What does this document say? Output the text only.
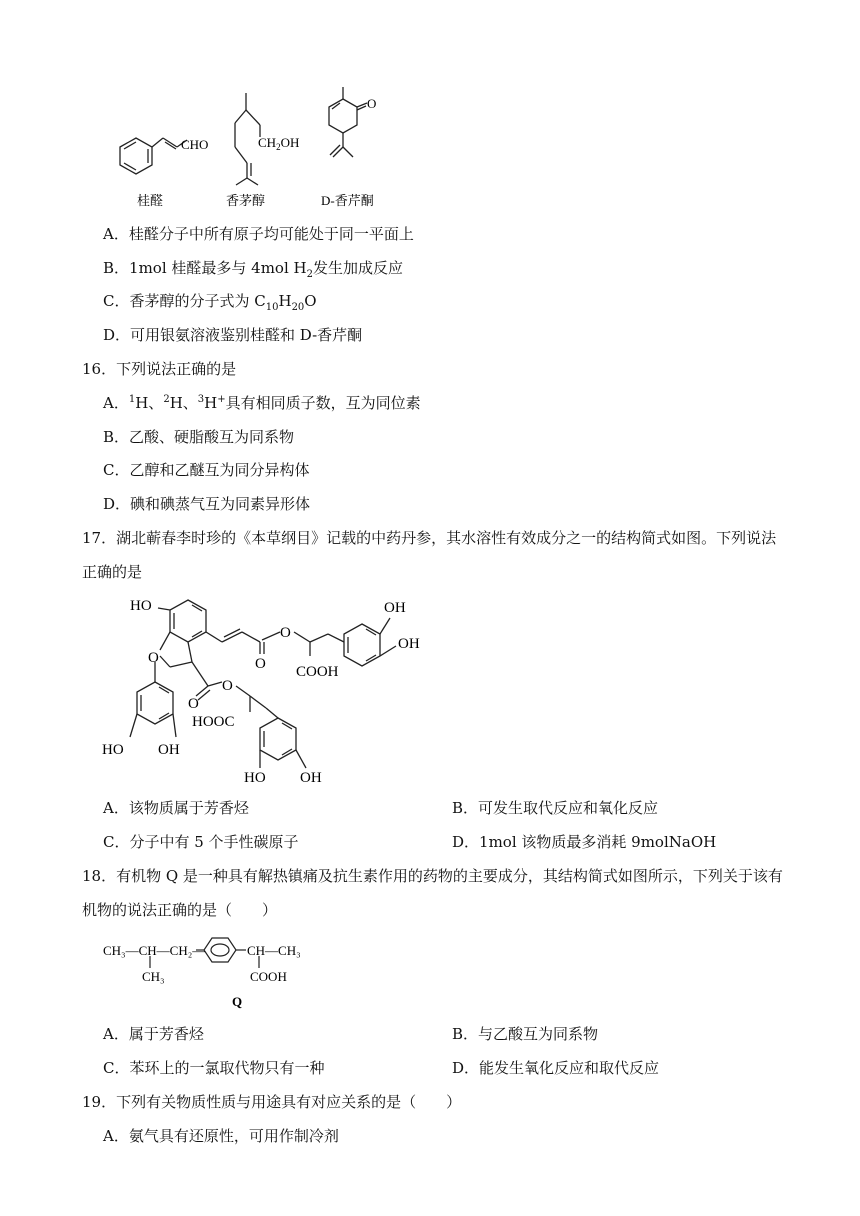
CHO	$CH_2OH$
O
桂醛	香茅醇	D-香芹酮
A．桂醛分子中所有原子均可能处于同一平面上
B．1mol 桂醛最多与 4mol $H_2$发生加成反应
C．香茅醇的分子式为 $C_{10}H_{20}O$
D．可用银氨溶液鉴别桂醛和 D-香芹酮
16．下列说法正确的是
A．$^1$H、$^2$H、$^3$H+具有相同质子数，互为同位素
B．乙酸、硬脂酸互为同系物
C．乙醇和乙醚互为同分异构体
D．碘和碘蒸气互为同素异形体
17．湖北蕲春李时珍的《本草纲目》记载的中药丹参，其水溶性有效成分之一的结构简式如图。下列说法
正确的是
HO
O
O
O COOH
OH
OH
O
O
HOOC
HO OH
HO OH
A．该物质属于芳香烃	B．可发生取代反应和氧化反应
C．分子中有 5 个手性碳原子	D．1mol 该物质最多消耗 9molNaOH
18．有机物 Q 是一种具有解热镇痛及抗生素作用的药物的主要成分，其结构简式如图所示，下列关于该有
机物的说法正确的是（　　）
CH₃—CH—CH₂—
CH₃
CH—CH₃
COOH
Q
A．属于芳香烃	B．与乙酸互为同系物
C．苯环上的一氯取代物只有一种	D．能发生氧化反应和取代反应
19．下列有关物质性质与用途具有对应关系的是（　　）
A．氨气具有还原性，可用作制冷剂
